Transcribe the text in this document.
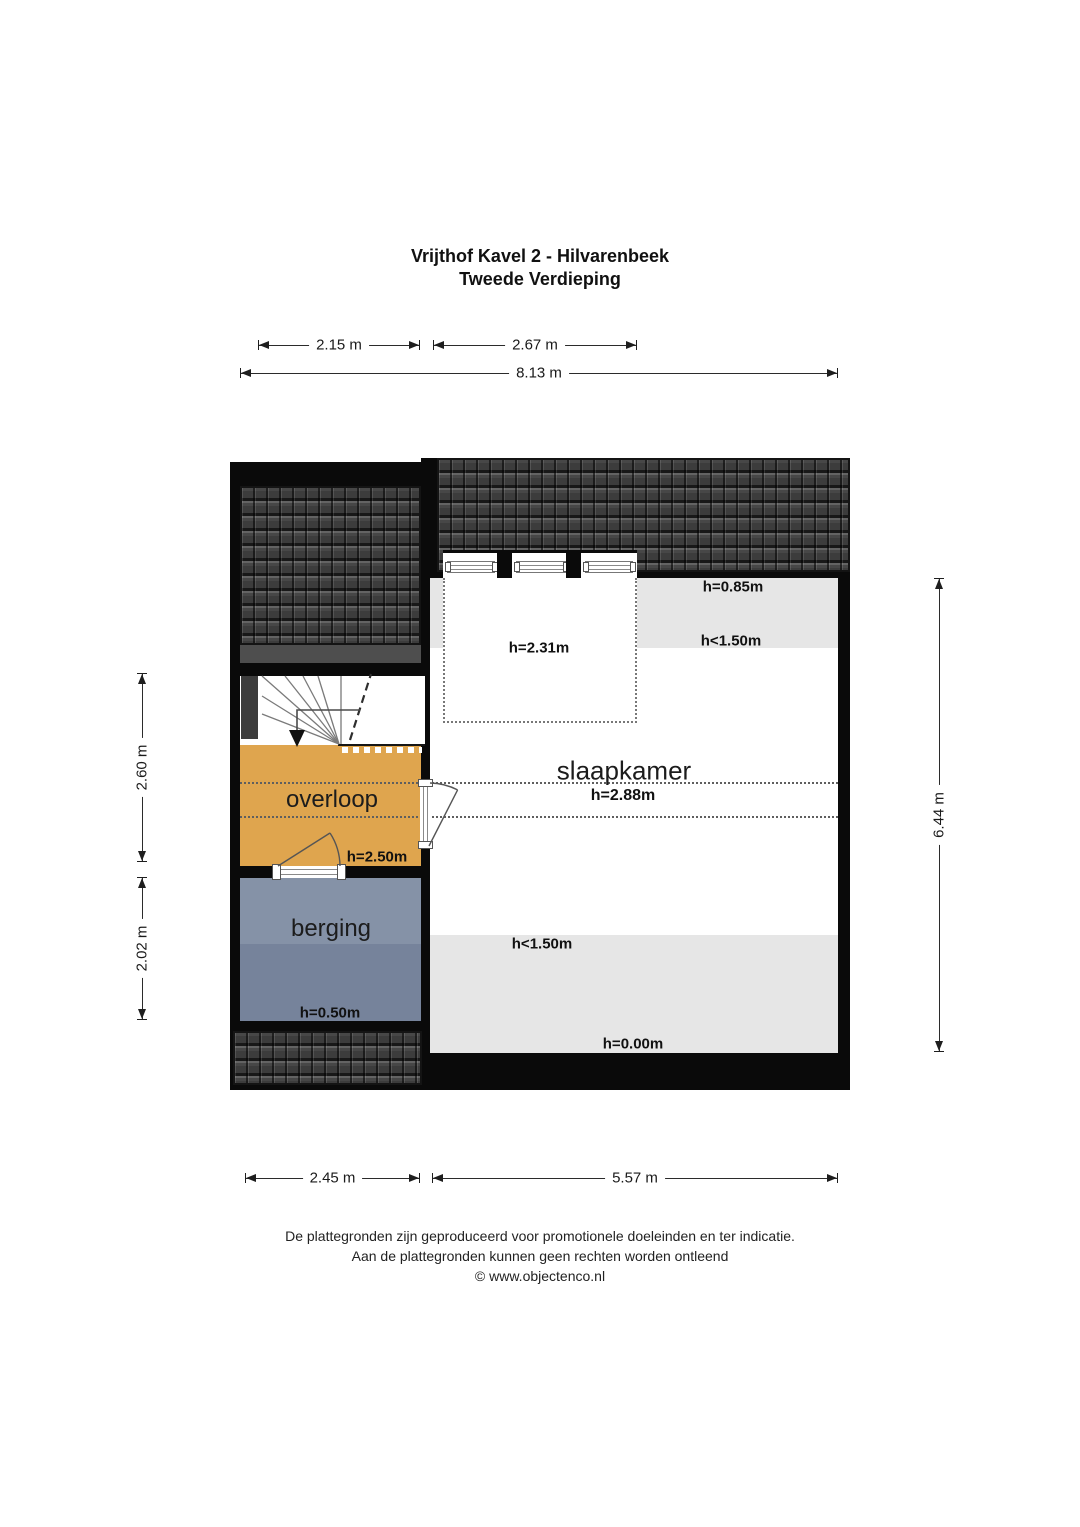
Vrijthof Kavel 2 - Hilvarenbeek
Tweede Verdieping
2.15 m	2.67 m
8.13 m
2.60 m
2.02 m
6.44 m
overloop
h=2.50m
berging
h=0.50m
slaapkamer
h=2.88m
h=2.31m
h=0.85m
h<1.50m
h<1.50m
h=0.00m
2.45 m	5.57 m
De plattegronden zijn geproduceerd voor promotionele doeleinden en ter indicatie.
Aan de plattegronden kunnen geen rechten worden ontleend
© www.objectenco.nl
